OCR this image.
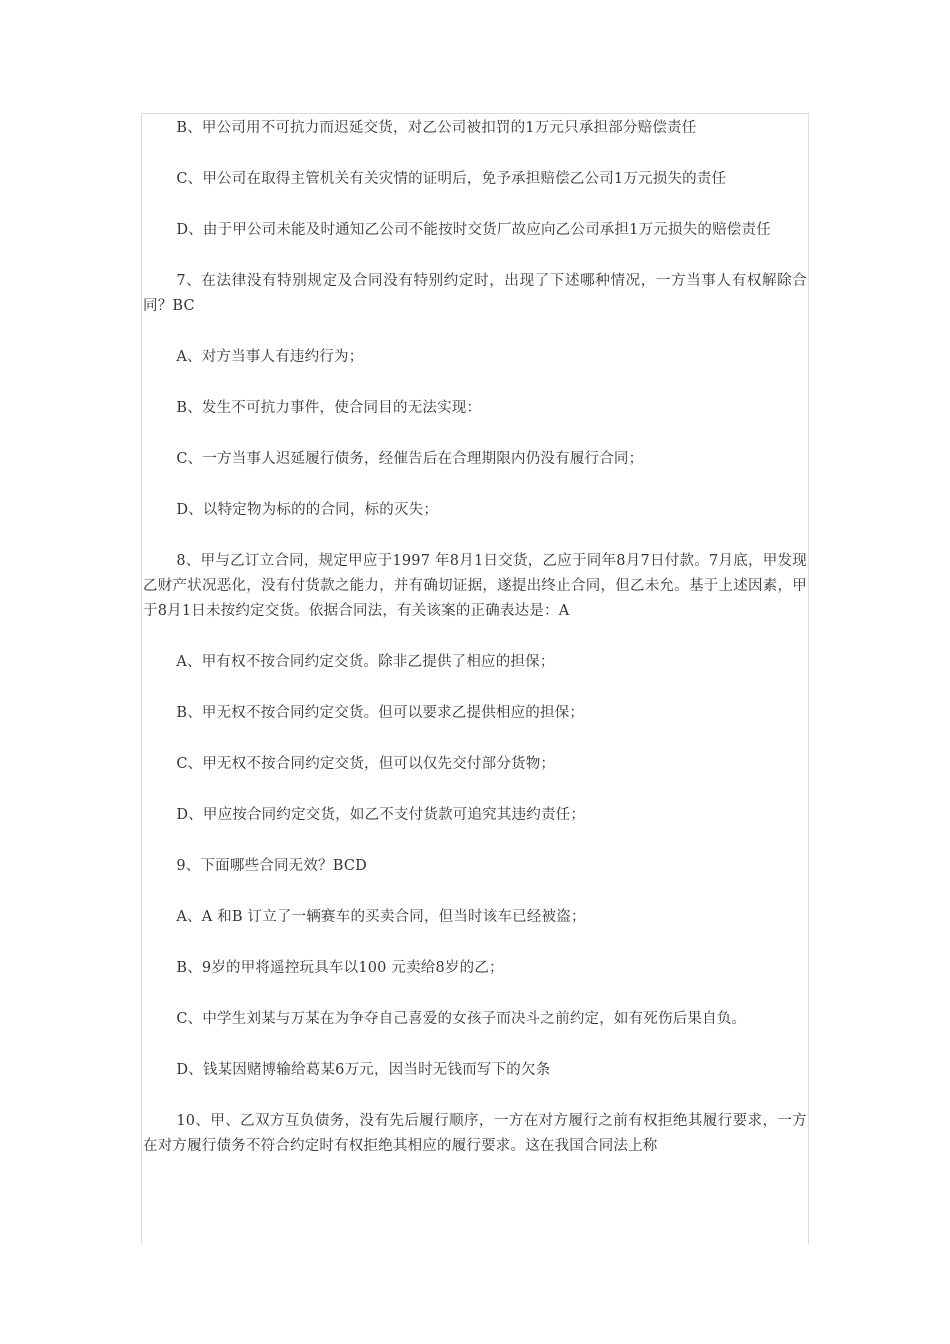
B、甲公司用不可抗力而迟延交货，对乙公司被扣罚的1万元只承担部分赔偿责任

C、甲公司在取得主管机关有关灾情的证明后，免予承担赔偿乙公司1万元损失的责任

D、由于甲公司未能及时通知乙公司不能按时交货厂故应向乙公司承担1万元损失的赔偿责任

7、在法律没有特别规定及合同没有特别约定时，出现了下述哪种情况，一方当事人有权解除合同？BC

A、对方当事人有违约行为；

B、发生不可抗力事件，使合同目的无法实现：

C、一方当事人迟延履行债务，经催告后在合理期限内仍没有履行合同；

D、以特定物为标的的合同，标的灭失；

8、甲与乙订立合同，规定甲应于1997 年8月1日交货，乙应于同年8月7日付款。7月底，甲发现乙财产状况恶化，没有付货款之能力，并有确切证据，遂提出终止合同，但乙未允。基于上述因素，甲于8月1日未按约定交货。依据合同法，有关该案的正确表达是：A

A、甲有权不按合同约定交货。除非乙提供了相应的担保；

B、甲无权不按合同约定交货。但可以要求乙提供相应的担保；

C、甲无权不按合同约定交货，但可以仅先交付部分货物；

D、甲应按合同约定交货，如乙不支付货款可追究其违约责任；

9、下面哪些合同无效？BCD

A、A 和B 订立了一辆赛车的买卖合同，但当时该车已经被盗；

B、9岁的甲将遥控玩具车以100 元卖给8岁的乙；

C、中学生刘某与万某在为争夺自己喜爱的女孩子而决斗之前约定，如有死伤后果自负。

D、钱某因赌博输给葛某6万元，因当时无钱而写下的欠条

10、甲、乙双方互负债务，没有先后履行顺序，一方在对方履行之前有权拒绝其履行要求，一方在对方履行债务不符合约定时有权拒绝其相应的履行要求。这在我国合同法上称
